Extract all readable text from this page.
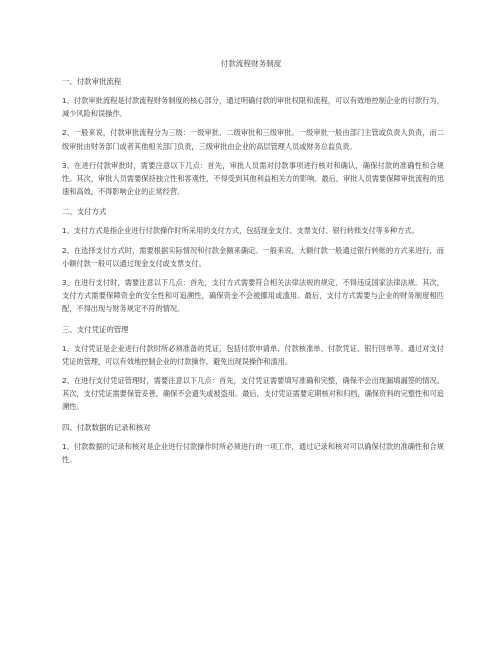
付款流程财务制度
一、付款审批流程
1、付款审批流程是付款流程财务制度的核心部分，通过明确付款的审批权限和流程，可以有效地控制企业的付款行为，减少风险和误操作。
2、一般来说，付款审批流程分为三级：一级审批、二级审批和三级审批。一级审批一般由部门主管或负责人负责，而二级审批由财务部门或者其他相关部门负责，三级审批由企业的高层管理人员或财务总监负责。
3、在进行付款审批时，需要注意以下几点：首先，审批人员需对付款事项进行核对和确认，确保付款的准确性和合规性。其次，审批人员需要保持独立性和客观性，不得受到其他利益相关方的影响。最后，审批人员需要保障审批流程的迅速和高效，不得影响企业的正常经营。
二、支付方式
1、支付方式是指企业进行付款操作时所采用的支付方式，包括现金支付、支票支付、银行转账支付等多种方式。
2、在选择支付方式时，需要根据实际情况和付款金额来确定。一般来说，大额付款一般通过银行转账的方式来进行，而小额付款一般可以通过现金支付或支票支付。
3、在进行支付时，需要注意以下几点：首先，支付方式需要符合相关法律法规的规定，不得违反国家法律法规。其次，支付方式需要保障资金的安全性和可追溯性，确保资金不会被挪用或滥用。最后，支付方式需要与企业的财务制度相匹配，不得出现与财务规定不符的情况。
三、支付凭证的管理
1、支付凭证是企业进行付款时所必须准备的凭证，包括付款申请单、付款核准单、付款凭证、银行回单等。通过对支付凭证的管理，可以有效地控制企业的付款操作，避免出现误操作和滥用。
2、在进行支付凭证管理时，需要注意以下几点：首先，支付凭证需要填写准确和完整，确保不会出现漏填漏签的情况。其次，支付凭证需要保管妥善，确保不会遗失或被盗用。最后，支付凭证需要定期核对和归档，确保资料的完整性和可追溯性。
四、付款数据的记录和核对
1、付款数据的记录和核对是企业进行付款操作时所必须进行的一项工作，通过记录和核对可以确保付款的准确性和合规性。
